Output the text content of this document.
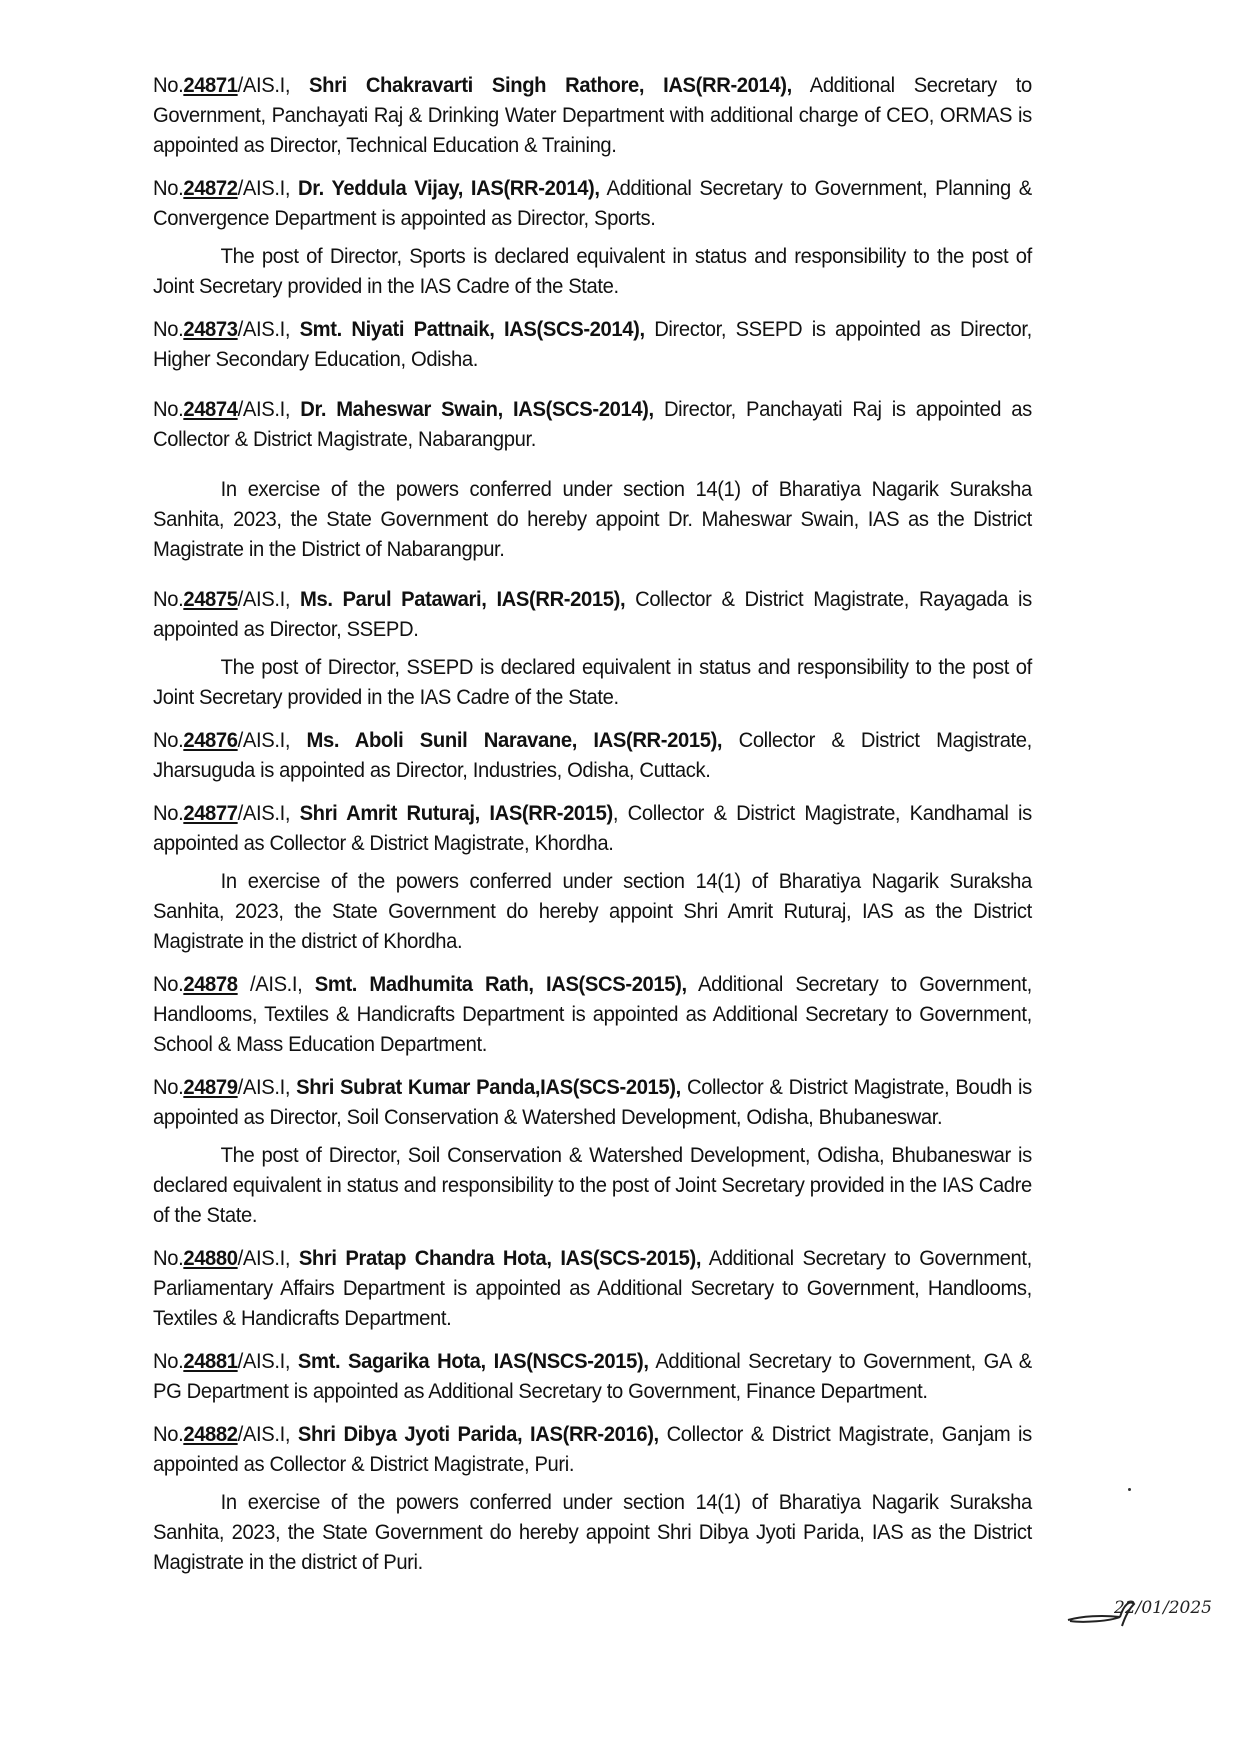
No.24871/AIS.I, Shri Chakravarti Singh Rathore, IAS(RR-2014), Additional Secretary to Government, Panchayati Raj & Drinking Water Department with additional charge of CEO, ORMAS is appointed as Director, Technical Education & Training.

No.24872/AIS.I, Dr. Yeddula Vijay, IAS(RR-2014), Additional Secretary to Government, Planning & Convergence Department is appointed as Director, Sports.

The post of Director, Sports is declared equivalent in status and responsibility to the post of Joint Secretary provided in the IAS Cadre of the State.

No.24873/AIS.I, Smt. Niyati Pattnaik, IAS(SCS-2014), Director, SSEPD is appointed as Director, Higher Secondary Education, Odisha.

No.24874/AIS.I, Dr. Maheswar Swain, IAS(SCS-2014), Director, Panchayati Raj is appointed as Collector & District Magistrate, Nabarangpur.

In exercise of the powers conferred under section 14(1) of Bharatiya Nagarik Suraksha Sanhita, 2023, the State Government do hereby appoint Dr. Maheswar Swain, IAS as the District Magistrate in the District of Nabarangpur.

No.24875/AIS.I, Ms. Parul Patawari, IAS(RR-2015), Collector & District Magistrate, Rayagada is appointed as Director, SSEPD.

The post of Director, SSEPD is declared equivalent in status and responsibility to the post of Joint Secretary provided in the IAS Cadre of the State.

No.24876/AIS.I, Ms. Aboli Sunil Naravane, IAS(RR-2015), Collector & District Magistrate, Jharsuguda is appointed as Director, Industries, Odisha, Cuttack.

No.24877/AIS.I, Shri Amrit Ruturaj, IAS(RR-2015), Collector & District Magistrate, Kandhamal is appointed as Collector & District Magistrate, Khordha.

In exercise of the powers conferred under section 14(1) of Bharatiya Nagarik Suraksha Sanhita, 2023, the State Government do hereby appoint Shri Amrit Ruturaj, IAS as the District Magistrate in the district of Khordha.

No.24878 /AIS.I, Smt. Madhumita Rath, IAS(SCS-2015), Additional Secretary to Government, Handlooms, Textiles & Handicrafts Department is appointed as Additional Secretary to Government, School & Mass Education Department.

No.24879/AIS.I, Shri Subrat Kumar Panda,IAS(SCS-2015), Collector & District Magistrate, Boudh is appointed as Director, Soil Conservation & Watershed Development, Odisha, Bhubaneswar.

The post of Director, Soil Conservation & Watershed Development, Odisha, Bhubaneswar is declared equivalent in status and responsibility to the post of Joint Secretary provided in the IAS Cadre of the State.

No.24880/AIS.I, Shri Pratap Chandra Hota, IAS(SCS-2015), Additional Secretary to Government, Parliamentary Affairs Department is appointed as Additional Secretary to Government, Handlooms, Textiles & Handicrafts Department.

No.24881/AIS.I, Smt. Sagarika Hota, IAS(NSCS-2015), Additional Secretary to Government, GA & PG Department is appointed as Additional Secretary to Government, Finance Department.

No.24882/AIS.I, Shri Dibya Jyoti Parida, IAS(RR-2016), Collector & District Magistrate, Ganjam is appointed as Collector & District Magistrate, Puri.

In exercise of the powers conferred under section 14(1) of Bharatiya Nagarik Suraksha Sanhita, 2023, the State Government do hereby appoint Shri Dibya Jyoti Parida, IAS as the District Magistrate in the district of Puri.

22/01/2025
